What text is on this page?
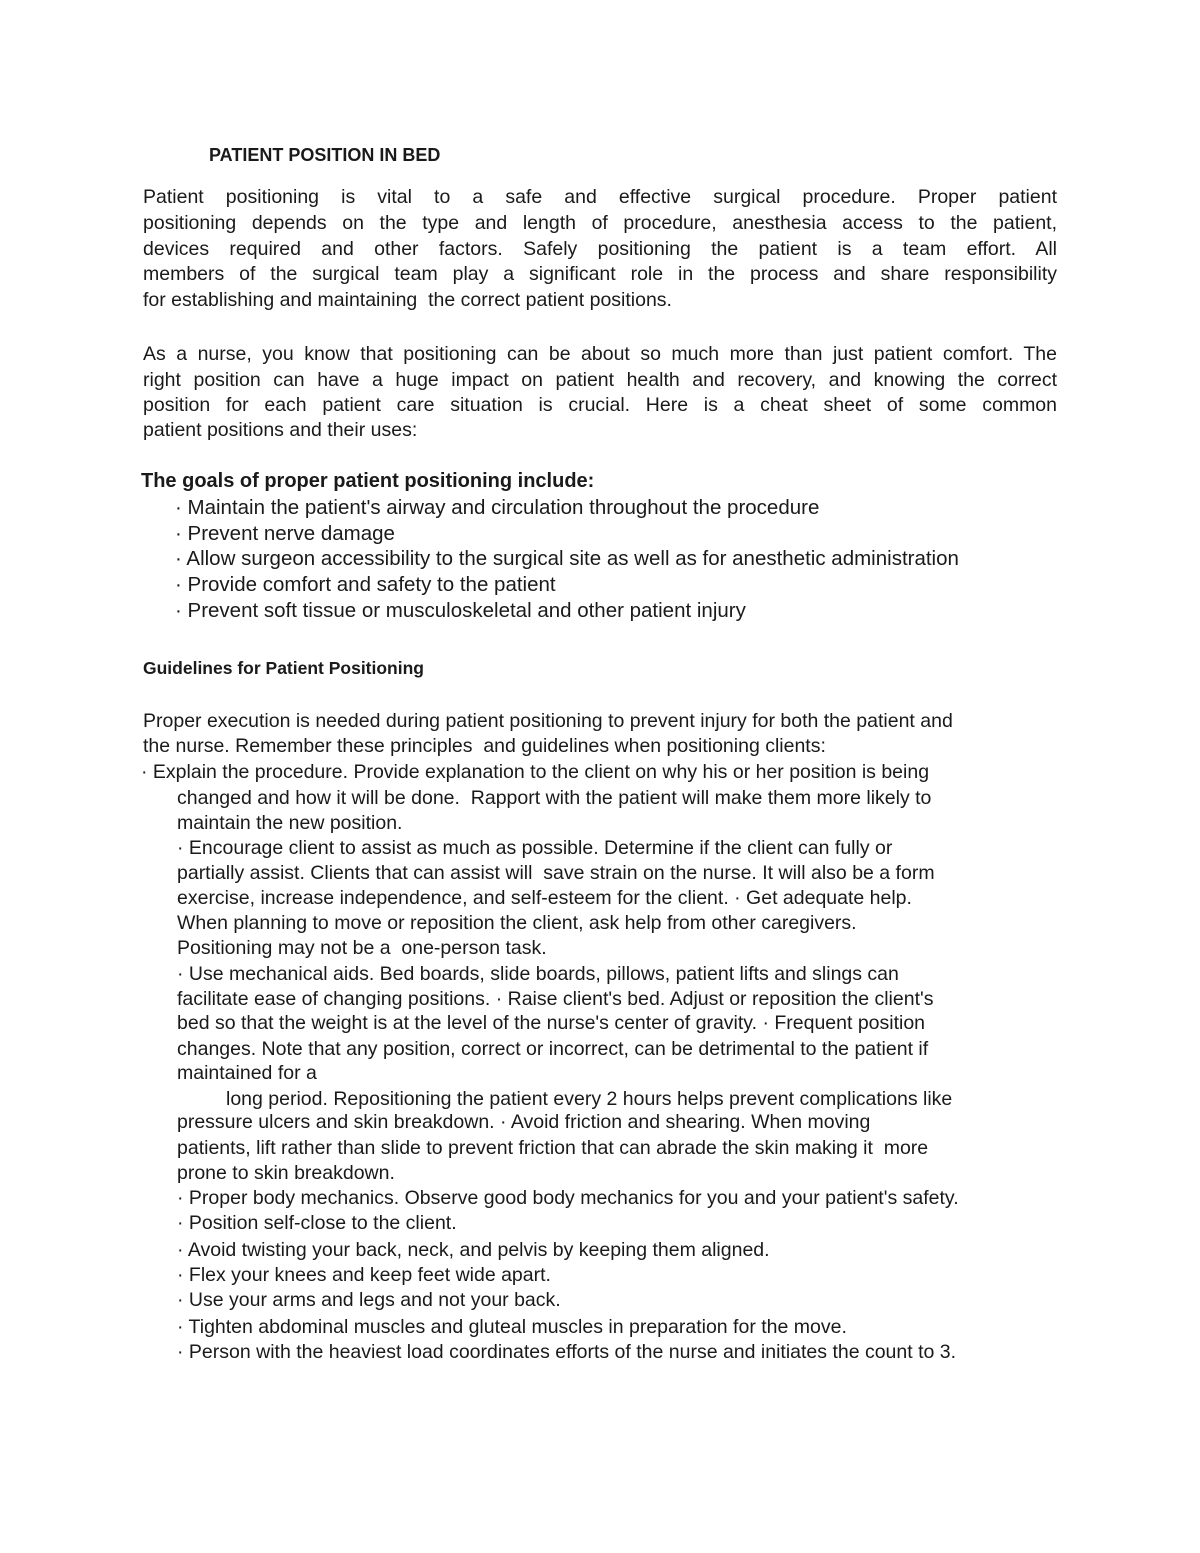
PATIENT POSITION IN BED
Patient positioning is vital to a safe and effective surgical procedure. Proper patient
positioning depends on the type and length of procedure, anesthesia access to the patient,
devices required and other factors. Safely positioning the patient is a team effort. All
members of the surgical team play a significant role in the process and share responsibility
for establishing and maintaining  the correct patient positions.
As a nurse, you know that positioning can be about so much more than just patient comfort. The
right position can have a huge impact on patient health and recovery, and knowing the correct
position for each patient care situation is crucial. Here is a cheat sheet of some common
patient positions and their uses:
The goals of proper patient positioning include:
· Maintain the patient's airway and circulation throughout the procedure
· Prevent nerve damage
· Allow surgeon accessibility to the surgical site as well as for anesthetic administration
· Provide comfort and safety to the patient
· Prevent soft tissue or musculoskeletal and other patient injury
Guidelines for Patient Positioning
Proper execution is needed during patient positioning to prevent injury for both the patient and
the nurse. Remember these principles  and guidelines when positioning clients:
· Explain the procedure. Provide explanation to the client on why his or her position is being
changed and how it will be done.  Rapport with the patient will make them more likely to
maintain the new position.
· Encourage client to assist as much as possible. Determine if the client can fully or
partially assist. Clients that can assist will  save strain on the nurse. It will also be a form
exercise, increase independence, and self-esteem for the client. · Get adequate help.
When planning to move or reposition the client, ask help from other caregivers.
Positioning may not be a  one-person task.
· Use mechanical aids. Bed boards, slide boards, pillows, patient lifts and slings can
facilitate ease of changing positions. · Raise client's bed. Adjust or reposition the client's
bed so that the weight is at the level of the nurse's center of gravity. · Frequent position
changes. Note that any position, correct or incorrect, can be detrimental to the patient if
maintained for a
long period. Repositioning the patient every 2 hours helps prevent complications like
pressure ulcers and skin breakdown. · Avoid friction and shearing. When moving
patients, lift rather than slide to prevent friction that can abrade the skin making it  more
prone to skin breakdown.
· Proper body mechanics. Observe good body mechanics for you and your patient's safety.
· Position self-close to the client.
· Avoid twisting your back, neck, and pelvis by keeping them aligned.
· Flex your knees and keep feet wide apart.
· Use your arms and legs and not your back.
· Tighten abdominal muscles and gluteal muscles in preparation for the move.
· Person with the heaviest load coordinates efforts of the nurse and initiates the count to 3.
